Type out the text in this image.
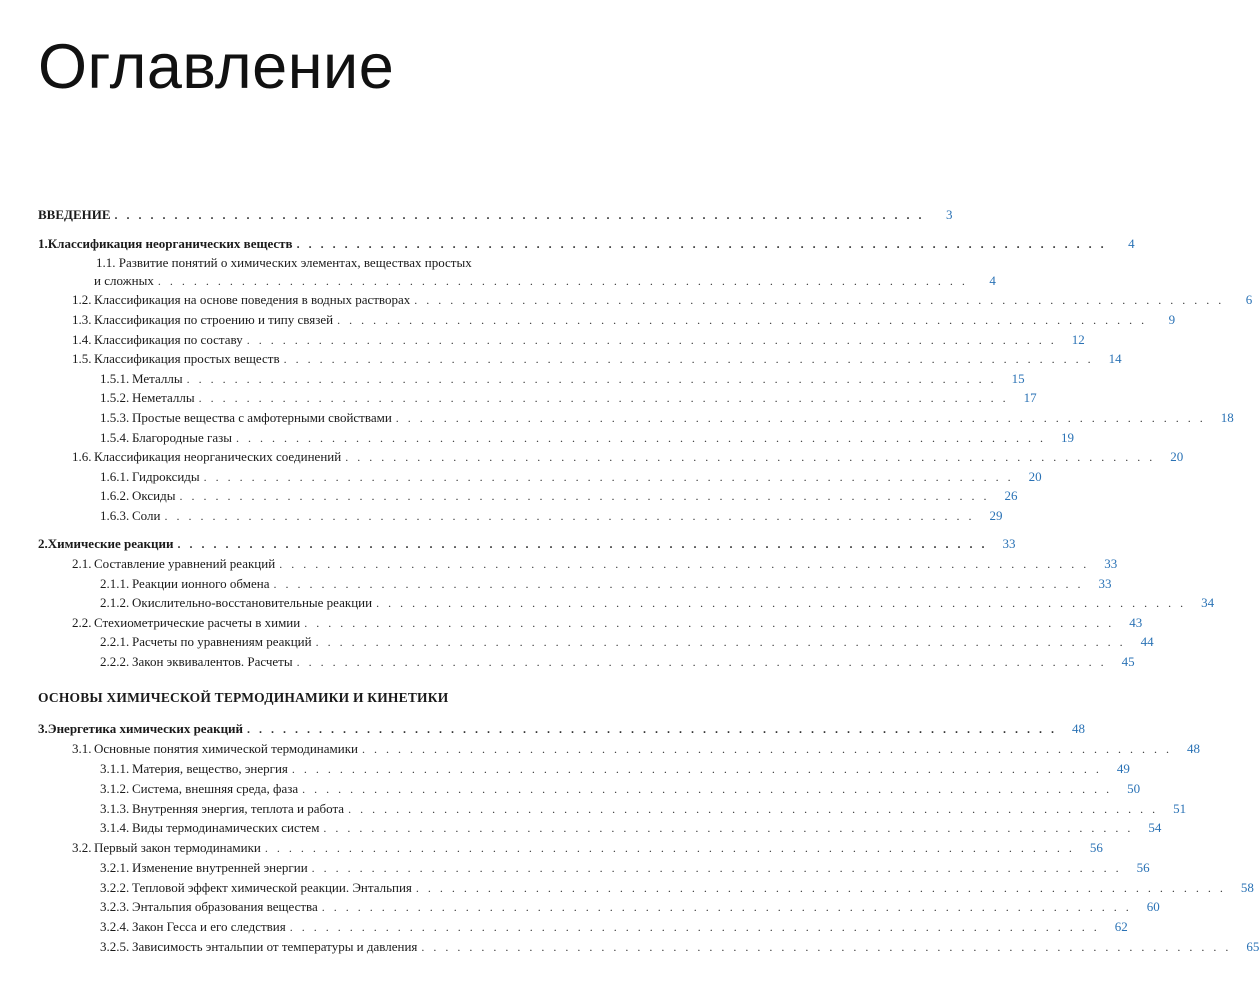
Оглавление
ВВЕДЕНИЕ . . . . . . . . . . . . . . . . . . . . . . . . . . . . . . . . . . . . . . . . . . . . . . . . . . . . . . . . . . . . . . . . . . . .	3
1. Классификация неорганических веществ . . . . . . . . . . . . . . . . . . . . . . . . . . . . . . . . . . . . . . . . . . . . . . . . . . . . . . . . . . . . . . . . . . . .	4
1.1. Развитие понятий о химических элементах, веществах простых
и сложных . . . . . . . . . . . . . . . . . . . . . . . . . . . . . . . . . . . . . . . . . . . . . . . . . . . . . . . . . . . . . . . . . . . .	4
1.2. Классификация на основе поведения в водных растворах . . . . . . . . . . . . . . . . . . . . . . . . . . . . . . . . . . . . . . . . . . . . . . . . . . . . . . . . . . . . . . . . . . . .	6
1.3. Классификация по строению и типу связей . . . . . . . . . . . . . . . . . . . . . . . . . . . . . . . . . . . . . . . . . . . . . . . . . . . . . . . . . . . . . . . . . . . .	9
1.4. Классификация по составу . . . . . . . . . . . . . . . . . . . . . . . . . . . . . . . . . . . . . . . . . . . . . . . . . . . . . . . . . . . . . . . . . . . .	12
1.5. Классификация простых веществ . . . . . . . . . . . . . . . . . . . . . . . . . . . . . . . . . . . . . . . . . . . . . . . . . . . . . . . . . . . . . . . . . . . .	14
1.5.1. Металлы . . . . . . . . . . . . . . . . . . . . . . . . . . . . . . . . . . . . . . . . . . . . . . . . . . . . . . . . . . . . . . . . . . . .	15
1.5.2. Неметаллы . . . . . . . . . . . . . . . . . . . . . . . . . . . . . . . . . . . . . . . . . . . . . . . . . . . . . . . . . . . . . . . . . . . .	17
1.5.3. Простые вещества с амфотерными свойствами . . . . . . . . . . . . . . . . . . . . . . . . . . . . . . . . . . . . . . . . . . . . . . . . . . . . . . . . . . . . . . . . . . . .	18
1.5.4. Благородные газы . . . . . . . . . . . . . . . . . . . . . . . . . . . . . . . . . . . . . . . . . . . . . . . . . . . . . . . . . . . . . . . . . . . .	19
1.6. Классификация неорганических соединений . . . . . . . . . . . . . . . . . . . . . . . . . . . . . . . . . . . . . . . . . . . . . . . . . . . . . . . . . . . . . . . . . . . .	20
1.6.1. Гидроксиды . . . . . . . . . . . . . . . . . . . . . . . . . . . . . . . . . . . . . . . . . . . . . . . . . . . . . . . . . . . . . . . . . . . .	20
1.6.2. Оксиды . . . . . . . . . . . . . . . . . . . . . . . . . . . . . . . . . . . . . . . . . . . . . . . . . . . . . . . . . . . . . . . . . . . .	26
1.6.3. Соли . . . . . . . . . . . . . . . . . . . . . . . . . . . . . . . . . . . . . . . . . . . . . . . . . . . . . . . . . . . . . . . . . . . .	29
2. Химические реакции . . . . . . . . . . . . . . . . . . . . . . . . . . . . . . . . . . . . . . . . . . . . . . . . . . . . . . . . . . . . . . . . . . . .	33
2.1. Составление уравнений реакций . . . . . . . . . . . . . . . . . . . . . . . . . . . . . . . . . . . . . . . . . . . . . . . . . . . . . . . . . . . . . . . . . . . .	33
2.1.1. Реакции ионного обмена . . . . . . . . . . . . . . . . . . . . . . . . . . . . . . . . . . . . . . . . . . . . . . . . . . . . . . . . . . . . . . . . . . . .	33
2.1.2. Окислительно-восстановительные реакции . . . . . . . . . . . . . . . . . . . . . . . . . . . . . . . . . . . . . . . . . . . . . . . . . . . . . . . . . . . . . . . . . . . .	34
2.2. Стехиометрические расчеты в химии . . . . . . . . . . . . . . . . . . . . . . . . . . . . . . . . . . . . . . . . . . . . . . . . . . . . . . . . . . . . . . . . . . . .	43
2.2.1. Расчеты по уравнениям реакций . . . . . . . . . . . . . . . . . . . . . . . . . . . . . . . . . . . . . . . . . . . . . . . . . . . . . . . . . . . . . . . . . . . .	44
2.2.2. Закон эквивалентов. Расчеты . . . . . . . . . . . . . . . . . . . . . . . . . . . . . . . . . . . . . . . . . . . . . . . . . . . . . . . . . . . . . . . . . . . .	45
ОСНОВЫ ХИМИЧЕСКОЙ ТЕРМОДИНАМИКИ И КИНЕТИКИ
3. Энергетика химических реакций . . . . . . . . . . . . . . . . . . . . . . . . . . . . . . . . . . . . . . . . . . . . . . . . . . . . . . . . . . . . . . . . . . . .	48
3.1. Основные понятия химической термодинамики . . . . . . . . . . . . . . . . . . . . . . . . . . . . . . . . . . . . . . . . . . . . . . . . . . . . . . . . . . . . . . . . . . . .	48
3.1.1. Материя, вещество, энергия . . . . . . . . . . . . . . . . . . . . . . . . . . . . . . . . . . . . . . . . . . . . . . . . . . . . . . . . . . . . . . . . . . . .	49
3.1.2. Система, внешняя среда, фаза . . . . . . . . . . . . . . . . . . . . . . . . . . . . . . . . . . . . . . . . . . . . . . . . . . . . . . . . . . . . . . . . . . . .	50
3.1.3. Внутренняя энергия, теплота и работа . . . . . . . . . . . . . . . . . . . . . . . . . . . . . . . . . . . . . . . . . . . . . . . . . . . . . . . . . . . . . . . . . . . .	51
3.1.4. Виды термодинамических систем . . . . . . . . . . . . . . . . . . . . . . . . . . . . . . . . . . . . . . . . . . . . . . . . . . . . . . . . . . . . . . . . . . . .	54
3.2. Первый закон термодинамики . . . . . . . . . . . . . . . . . . . . . . . . . . . . . . . . . . . . . . . . . . . . . . . . . . . . . . . . . . . . . . . . . . . .	56
3.2.1. Изменение внутренней энергии . . . . . . . . . . . . . . . . . . . . . . . . . . . . . . . . . . . . . . . . . . . . . . . . . . . . . . . . . . . . . . . . . . . .	56
3.2.2. Тепловой эффект химической реакции. Энтальпия . . . . . . . . . . . . . . . . . . . . . . . . . . . . . . . . . . . . . . . . . . . . . . . . . . . . . . . . . . . . . . . . . . . .	58
3.2.3. Энтальпия образования вещества . . . . . . . . . . . . . . . . . . . . . . . . . . . . . . . . . . . . . . . . . . . . . . . . . . . . . . . . . . . . . . . . . . . .	60
3.2.4. Закон Гесса и его следствия . . . . . . . . . . . . . . . . . . . . . . . . . . . . . . . . . . . . . . . . . . . . . . . . . . . . . . . . . . . . . . . . . . . .	62
3.2.5. Зависимость энтальпии от температуры и давления . . . . . . . . . . . . . . . . . . . . . . . . . . . . . . . . . . . . . . . . . . . . . . . . . . . . . . . . . . . . . . . . . . . .	65
